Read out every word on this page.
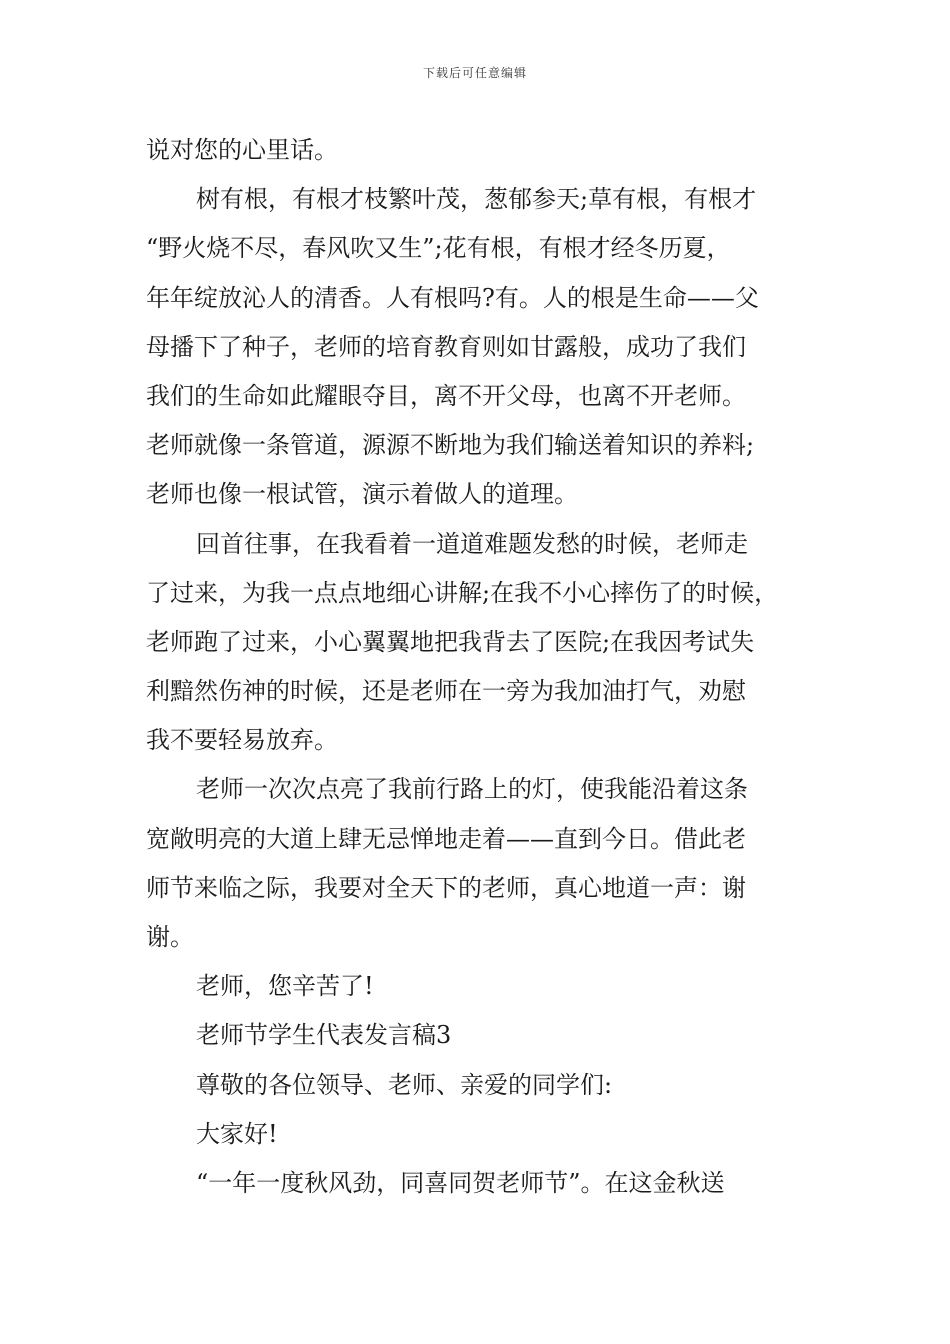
下载后可任意编辑
说对您的心里话。
树有根，有根才枝繁叶茂，葱郁参天;草有根，有根才
“野火烧不尽，春风吹又生”;花有根，有根才经冬历夏，
年年绽放沁人的清香。人有根吗?有。人的根是生命——父
母播下了种子，老师的培育教育则如甘露般，成功了我们
我们的生命如此耀眼夺目，离不开父母，也离不开老师。
老师就像一条管道，源源不断地为我们输送着知识的养料;
老师也像一根试管，演示着做人的道理。
回首往事，在我看着一道道难题发愁的时候，老师走
了过来，为我一点点地细心讲解;在我不小心摔伤了的时候，
老师跑了过来，小心翼翼地把我背去了医院;在我因考试失
利黯然伤神的时候，还是老师在一旁为我加油打气，劝慰
我不要轻易放弃。
老师一次次点亮了我前行路上的灯，使我能沿着这条
宽敞明亮的大道上肆无忌惮地走着——直到今日。借此老
师节来临之际，我要对全天下的老师，真心地道一声：谢
谢。
老师，您辛苦了!
老师节学生代表发言稿3
尊敬的各位领导、老师、亲爱的同学们:
大家好!
“一年一度秋风劲，同喜同贺老师节”。在这金秋送
